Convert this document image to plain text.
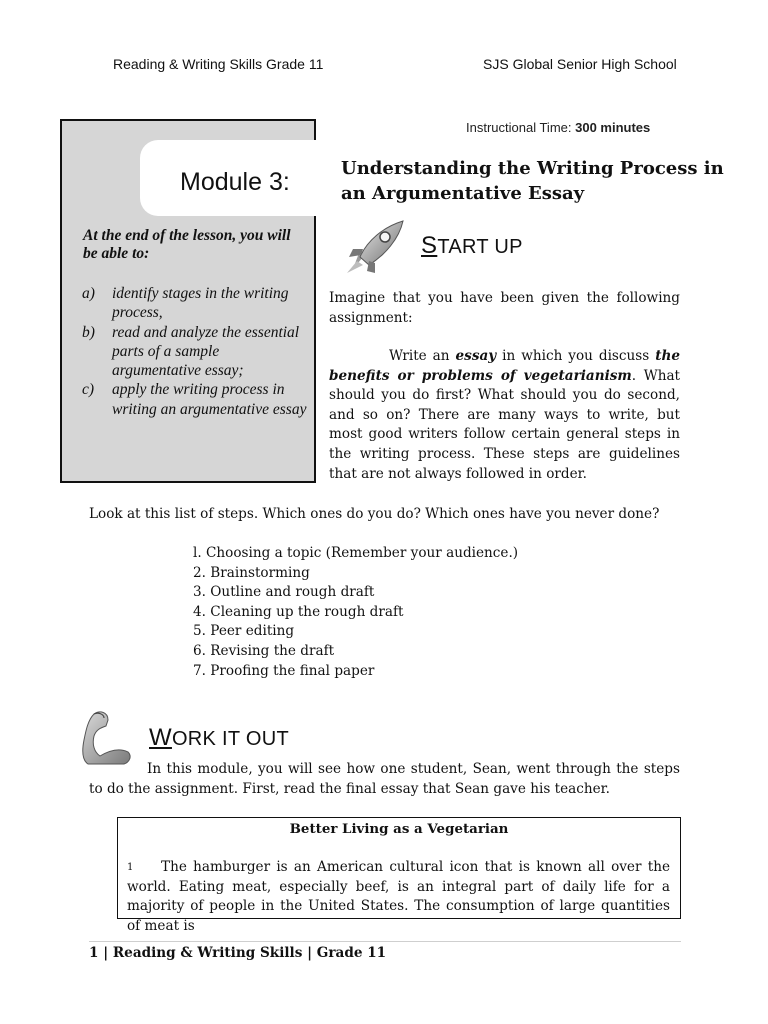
Reading & Writing Skills Grade 11	SJS Global Senior High School
Instructional Time: 300 minutes
Module 3:
At the end of the lesson, you will be able to:
a)	identify stages in the writing process,
b)	read and analyze the essential parts of a sample argumentative essay;
c)	apply the writing process in writing an argumentative essay
Understanding the Writing Process in an Argumentative Essay
START UP
Imagine that you have been given the following assignment:
Write an essay in which you discuss the benefits or problems of vegetarianism. What should you do first? What should you do second, and so on? There are many ways to write, but most good writers follow certain general steps in the writing process. These steps are guidelines that are not always followed in order.
Look at this list of steps. Which ones do you do? Which ones have you never done?
l. Choosing a topic (Remember your audience.)
2. Brainstorming
3. Outline and rough draft
4. Cleaning up the rough draft
5. Peer editing
6. Revising the draft
7. Proofing the final paper
WORK IT OUT
In this module, you will see how one student, Sean, went through the steps to do the assignment. First, read the final essay that Sean gave his teacher.
Better Living as a Vegetarian
1 The hamburger is an American cultural icon that is known all over the world. Eating meat, especially beef, is an integral part of daily life for a majority of people in the United States. The consumption of large quantities of meat is
1 | Reading & Writing Skills | Grade 11
